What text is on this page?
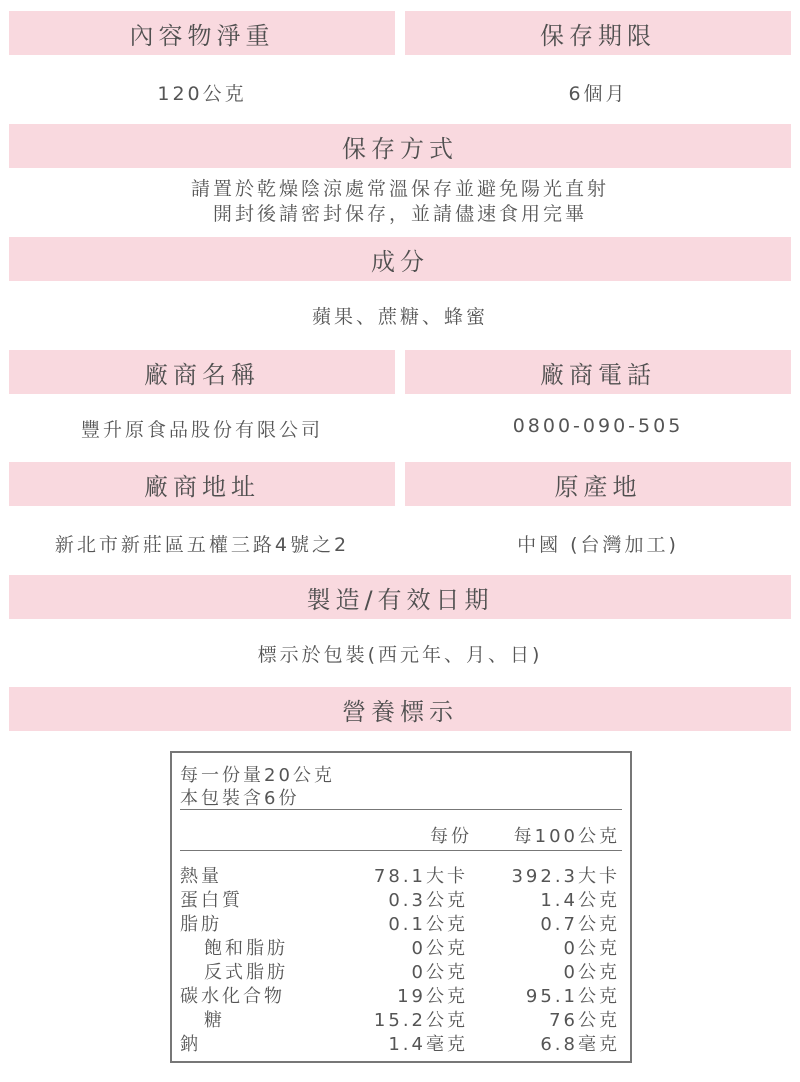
內容物淨重	保存期限
120公克	6個月
保存方式
請置於乾燥陰涼處常溫保存並避免陽光直射
開封後請密封保存，並請儘速食用完畢
成分
蘋果、蔗糖、蜂蜜
廠商名稱	廠商電話
豐升原食品股份有限公司	0800-090-505
廠商地址	原產地
新北市新莊區五權三路4號之2	中國 (台灣加工)
製造/有效日期
標示於包裝(西元年、月、日)
營養標示
每一份量20公克
本包裝含6份
每份 每100公克
熱量	78.1大卡 392.3大卡
蛋白質	0.3公克	1.4公克
脂肪	0.1公克	0.7公克
飽和脂肪	0公克	0公克
反式脂肪	0公克	0公克
碳水化合物	19公克	95.1公克
糖	15.2公克	76公克
鈉	1.4毫克	6.8毫克
